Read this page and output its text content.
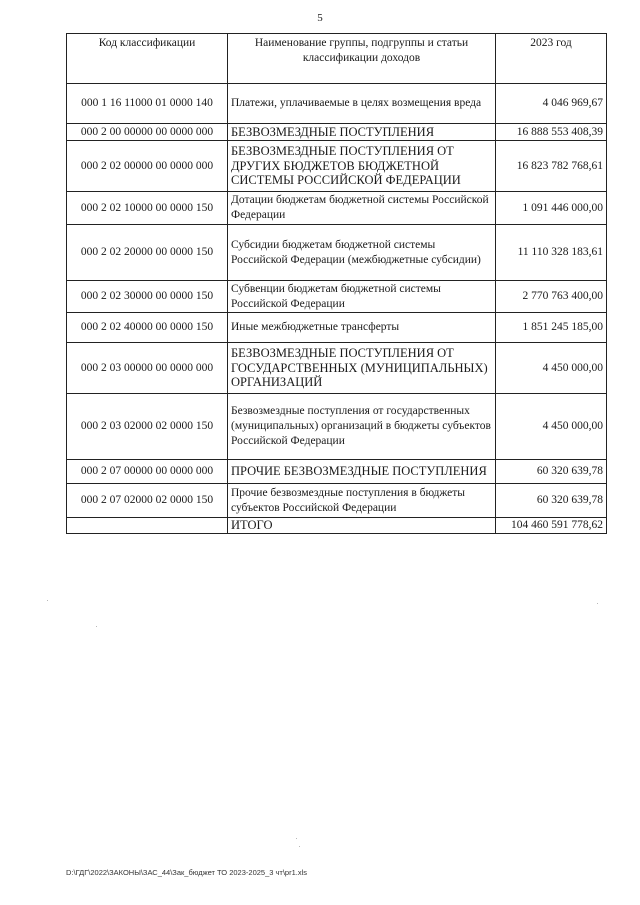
5
Код классификации	Наименование группы, подгруппы и статьи классификации доходов	2023 год
000 1 16 11000 01 0000 140	Платежи, уплачиваемые в целях возмещения вреда	4 046 969,67
000 2 00 00000 00 0000 000	БЕЗВОЗМЕЗДНЫЕ ПОСТУПЛЕНИЯ	16 888 553 408,39
000 2 02 00000 00 0000 000	БЕЗВОЗМЕЗДНЫЕ ПОСТУПЛЕНИЯ ОТ ДРУГИХ БЮДЖЕТОВ БЮДЖЕТНОЙ СИСТЕМЫ РОССИЙСКОЙ ФЕДЕРАЦИИ	16 823 782 768,61
000 2 02 10000 00 0000 150	Дотации бюджетам бюджетной системы Российской Федерации	1 091 446 000,00
000 2 02 20000 00 0000 150	Субсидии бюджетам бюджетной системы Российской Федерации (межбюджетные субсидии)	11 110 328 183,61
000 2 02 30000 00 0000 150	Субвенции бюджетам бюджетной системы Российской Федерации	2 770 763 400,00
000 2 02 40000 00 0000 150	Иные межбюджетные трансферты	1 851 245 185,00
000 2 03 00000 00 0000 000	БЕЗВОЗМЕЗДНЫЕ ПОСТУПЛЕНИЯ ОТ ГОСУДАРСТВЕННЫХ (МУНИЦИПАЛЬНЫХ) ОРГАНИЗАЦИЙ	4 450 000,00
000 2 03 02000 02 0000 150	Безвозмездные поступления от государственных (муниципальных) организаций в бюджеты субъектов Российской Федерации	4 450 000,00
000 2 07 00000 00 0000 000	ПРОЧИЕ БЕЗВОЗМЕЗДНЫЕ ПОСТУПЛЕНИЯ	60 320 639,78
000 2 07 02000 02 0000 150	Прочие безвозмездные поступления в бюджеты субъектов Российской Федерации	60 320 639,78
	ИТОГО	104 460 591 778,62
D:\ГДГ\2022\ЗАКОНЫ\ЗАС_44\Зак_бюджет ТО 2023-2025_3 чт\pr1.xls
